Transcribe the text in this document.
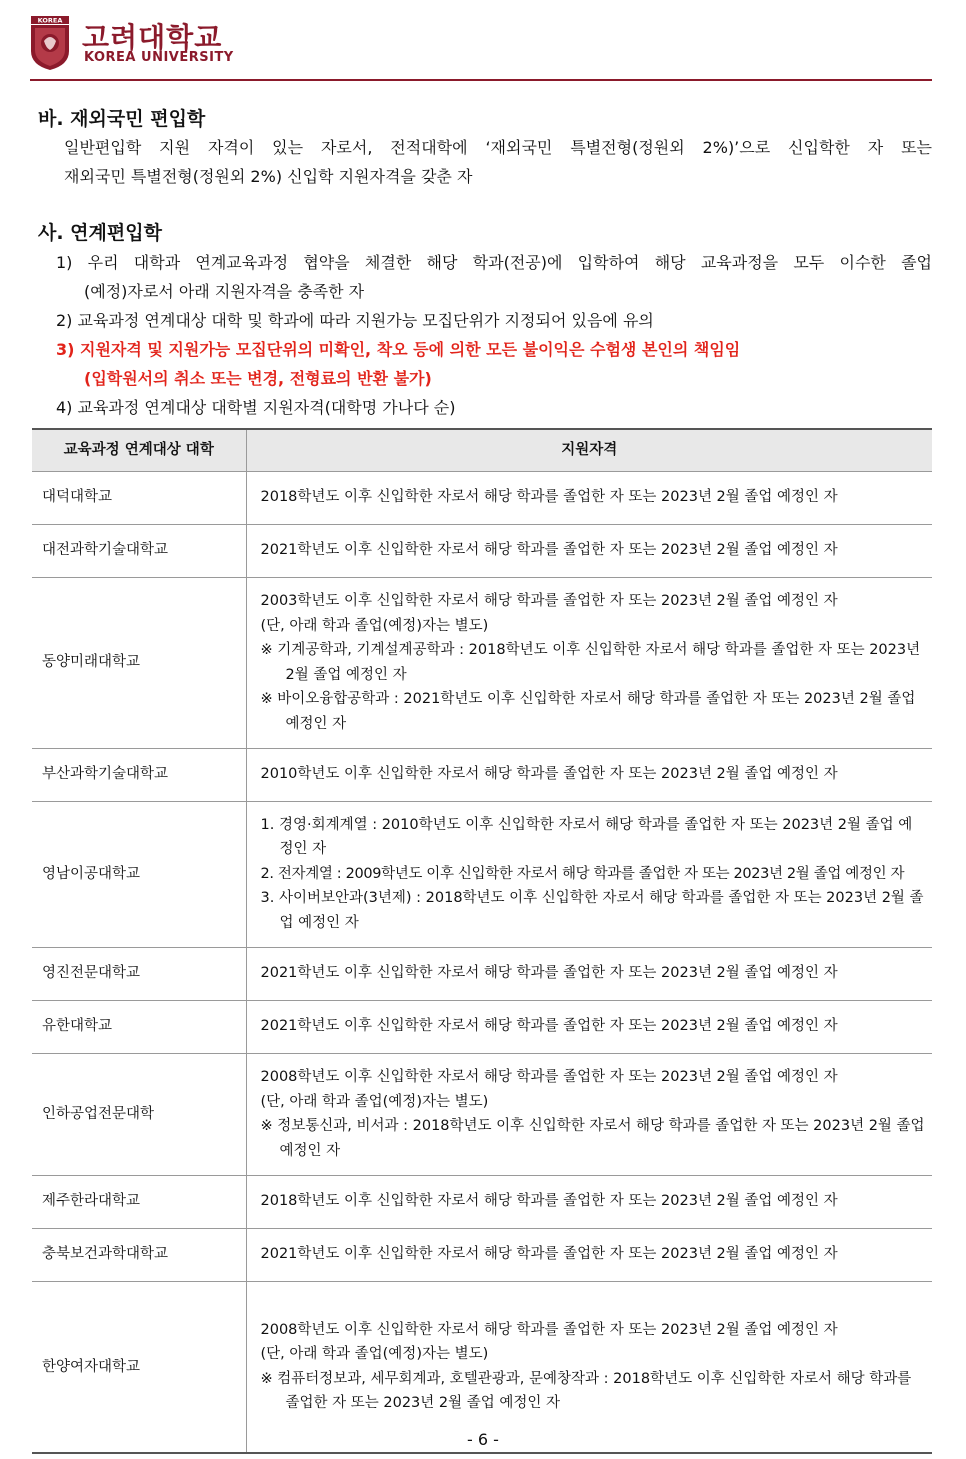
KOREA
고려대학교
KOREA UNIVERSITY
바. 재외국민 편입학
일반편입학 지원 자격이 있는 자로서, 전적대학에 ‘재외국민 특별전형(정원외 2%)’으로 신입학한 자 또는
재외국민 특별전형(정원외 2%) 신입학 지원자격을 갖춘 자
사. 연계편입학
1) 우리 대학과 연계교육과정 협약을 체결한 해당 학과(전공)에 입학하여 해당 교육과정을 모두 이수한 졸업
(예정)자로서 아래 지원자격을 충족한 자
2) 교육과정 연계대상 대학 및 학과에 따라 지원가능 모집단위가 지정되어 있음에 유의
3) 지원자격 및 지원가능 모집단위의 미확인, 착오 등에 의한 모든 불이익은 수험생 본인의 책임임
(입학원서의 취소 또는 변경, 전형료의 반환 불가)
4) 교육과정 연계대상 대학별 지원자격(대학명 가나다 순)
교육과정 연계대상 대학	지원자격
대덕대학교	2018학년도 이후 신입학한 자로서 해당 학과를 졸업한 자 또는 2023년 2월 졸업 예정인 자
대전과학기술대학교	2021학년도 이후 신입학한 자로서 해당 학과를 졸업한 자 또는 2023년 2월 졸업 예정인 자
동양미래대학교	2003학년도 이후 신입학한 자로서 해당 학과를 졸업한 자 또는 2023년 2월 졸업 예정인 자
(단, 아래 학과 졸업(예정)자는 별도)
※ 기계공학과, 기계설계공학과 : 2018학년도 이후 신입학한 자로서 해당 학과를 졸업한 자 또는 2023년 2월 졸업 예정인 자
※ 바이오융합공학과 : 2021학년도 이후 신입학한 자로서 해당 학과를 졸업한 자 또는 2023년 2월 졸업 예정인 자

부산과학기술대학교	2010학년도 이후 신입학한 자로서 해당 학과를 졸업한 자 또는 2023년 2월 졸업 예정인 자
영남이공대학교	1. 경영·회계계열 : 2010학년도 이후 신입학한 자로서 해당 학과를 졸업한 자 또는 2023년 2월 졸업 예정인 자
2. 전자계열 : 2009학년도 이후 신입학한 자로서 해당 학과를 졸업한 자 또는 2023년 2월 졸업 예정인 자
3. 사이버보안과(3년제) : 2018학년도 이후 신입학한 자로서 해당 학과를 졸업한 자 또는 2023년 2월 졸업 예정인 자

영진전문대학교	2021학년도 이후 신입학한 자로서 해당 학과를 졸업한 자 또는 2023년 2월 졸업 예정인 자
유한대학교	2021학년도 이후 신입학한 자로서 해당 학과를 졸업한 자 또는 2023년 2월 졸업 예정인 자
인하공업전문대학	2008학년도 이후 신입학한 자로서 해당 학과를 졸업한 자 또는 2023년 2월 졸업 예정인 자
(단, 아래 학과 졸업(예정)자는 별도)
※ 정보통신과, 비서과 : 2018학년도 이후 신입학한 자로서 해당 학과를 졸업한 자 또는 2023년 2월 졸업 예정인 자

제주한라대학교	2018학년도 이후 신입학한 자로서 해당 학과를 졸업한 자 또는 2023년 2월 졸업 예정인 자
충북보건과학대학교	2021학년도 이후 신입학한 자로서 해당 학과를 졸업한 자 또는 2023년 2월 졸업 예정인 자
한양여자대학교	2008학년도 이후 신입학한 자로서 해당 학과를 졸업한 자 또는 2023년 2월 졸업 예정인 자
(단, 아래 학과 졸업(예정)자는 별도)
※ 컴퓨터정보과, 세무회계과, 호텔관광과, 문예창작과 : 2018학년도 이후 신입학한 자로서 해당 학과를 졸업한 자 또는 2023년 2월 졸업 예정인 자
- 6 -
